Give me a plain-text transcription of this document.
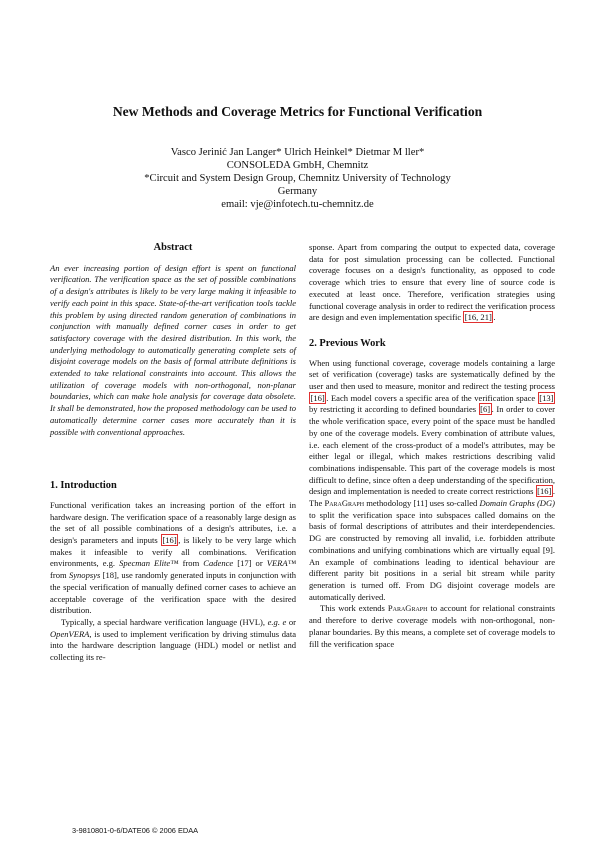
New Methods and Coverage Metrics for Functional Verification
Vasco Jerinić Jan Langer* Ulrich Heinkel* Dietmar M ller*
CONSOLEDA GmbH, Chemnitz
*Circuit and System Design Group, Chemnitz University of Technology
Germany
email: vje@infotech.tu-chemnitz.de

Abstract

An ever increasing portion of design effort is spent on functional verification. The verification space as the set of possible combinations of a design's attributes is likely to be very large making it infeasible to verify each point in this space. State-of-the-art verification tools tackle this problem by using directed random generation of combinations in conjunction with manually defined corner cases in order to get satisfactory coverage with the desired distribution. In this work, the underlying methodology to automatically generating complete sets of disjoint coverage models on the basis of formal attribute definitions is extended to take relational constraints into account. This allows the utilization of coverage models with non-orthogonal, non-planar boundaries, which can make hole analysis for coverage data obsolete. It shall be demonstrated, how the proposed methodology can be used to automatically determine corner cases more accurately than it is possible with conventional approaches.

1. Introduction

Functional verification takes an increasing portion of the effort in hardware design. The verification space of a reasonably large design as the set of all possible combinations of a design's attributes, i.e. a design's parameters and inputs [16] , is likely to be very large which makes it infeasible to verify all combinations. Verification environments, e.g. Specman Elite™ from Cadence [17] or VERA™ from Synopsys [18], use randomly generated inputs in conjunction with the special verification of manually defined corner cases to achieve an acceptable coverage of the verification space with the desired distribution.

Typically, a special hardware verification language (HVL), e.g. e or OpenVERA, is used to implement verification by driving stimulus data into the hardware description language (HDL) model or netlist and collecting its re-

sponse. Apart from comparing the output to expected data, coverage data for post simulation processing can be collected. Functional coverage focuses on a design's functionality, as opposed to code coverage which tries to ensure that every line of source code is executed at least once. Therefore, verification strategies using functional coverage analysis in order to redirect the verification process are design and even implementation specific [16, 21] .

2. Previous Work

When using functional coverage, coverage models containing a large set of verification (coverage) tasks are systematically defined by the user and then used to measure, monitor and redirect the testing process [16] . Each model covers a specific area of the verification space [13] by restricting it according to defined boundaries [6] . In order to cover the whole verification space, every point of the space must be handled by one of the coverage models. Every combination of attribute values, i.e. each element of the cross-product of a model's attributes, may be either legal or illegal, which makes restrictions describing valid combinations indispensable. This part of the coverage models is most difficult to define, since often a deep understanding of the specification, design and implementation is needed to create correct restrictions [16] . The ParaGraph methodology [11] uses so-called Domain Graphs (DG) to split the verification space into subspaces called domains on the basis of formal descriptions of attributes and their interdependencies. DG are constructed by removing all invalid, i.e. forbidden attribute combinations and unifying combinations which are virtually equal [9]. An example of combinations leading to identical behaviour are different parity bit positions in a serial bit stream while parity generation is turned off. From DG disjoint coverage models are automatically derived.

This work extends ParaGraph to account for relational constraints and therefore to derive coverage models with non-orthogonal, non-planar boundaries. By this means, a complete set of coverage models to fill the verification space

3-9810801-0-6/DATE06 © 2006 EDAA
